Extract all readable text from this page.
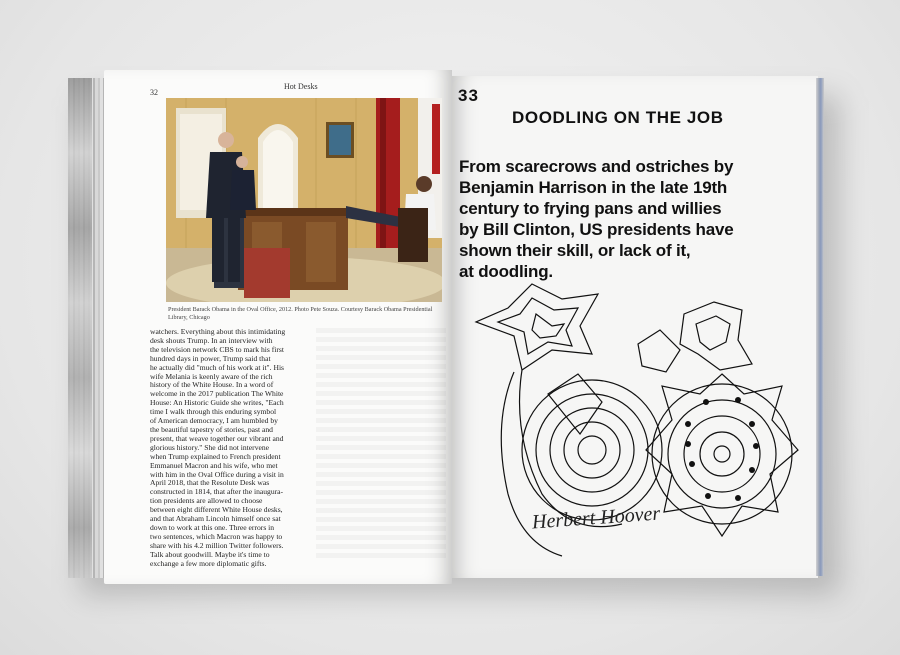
32
Hot Desks
President Barack Obama in the Oval Office, 2012. Photo Pete Souza. Courtesy Barack Obama Presidential Library, Chicago
watchers. Everything about this intimidating
desk shouts Trump. In an interview with
the television network CBS to mark his first
hundred days in power, Trump said that
he actually did "much of his work at it". His
wife Melania is keenly aware of the rich
history of the White House. In a word of
welcome in the 2017 publication The White
House: An Historic Guide she writes, "Each
time I walk through this enduring symbol
of American democracy, I am humbled by
the beautiful tapestry of stories, past and
present, that weave together our vibrant and
glorious history." She did not intervene
when Trump explained to French president
Emmanuel Macron and his wife, who met
with him in the Oval Office during a visit in
April 2018, that the Resolute Desk was
constructed in 1814, that after the inaugura-
tion presidents are allowed to choose
between eight different White House desks,
and that Abraham Lincoln himself once sat
down to work at this one. Three errors in
two sentences, which Macron was happy to
share with his 4.2 million Twitter followers.
Talk about goodwill. Maybe it's time to
exchange a few more diplomatic gifts.
33
DOODLING ON THE JOB
From scarecrows and ostriches by
Benjamin Harrison in the late 19th
century to frying pans and willies
by Bill Clinton, US presidents have
shown their skill, or lack of it,
at doodling.
Herbert Hoover
